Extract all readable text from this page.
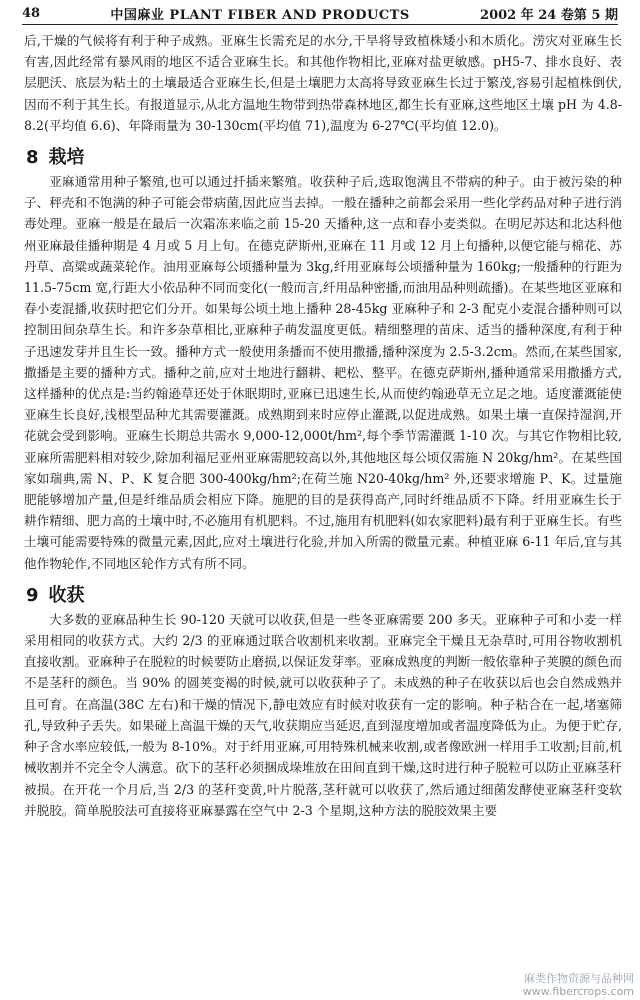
48	中国麻业 PLANT FIBER AND PRODUCTS	2002 年 24 卷第 5 期

后,干燥的气候将有利于种子成熟。亚麻生长需充足的水分,干旱将导致植株矮小和木质化。涝灾对亚麻生长有害,因此经常有暴风雨的地区不适合亚麻生长。和其他作物相比,亚麻对盐更敏感。pH5-7、排水良好、表层肥沃、底层为粘土的土壤最适合亚麻生长,但是土壤肥力太高将导致亚麻生长过于繁茂,容易引起植株倒伏,因而不利于其生长。有报道显示,从北方温地生物带到热带森林地区,都生长有亚麻,这些地区土壤 pH 为 4.8-8.2(平均值 6.6)、年降雨量为 30-130cm(平均值 71),温度为 6-27℃(平均值 12.0)。

8 栽培

亚麻通常用种子繁殖,也可以通过扦插来繁殖。收获种子后,选取饱满且不带病的种子。由于被污染的种子、秤壳和不饱满的种子可能会带病菌,因此应当去掉。一般在播种之前都会采用一些化学药品对种子进行消毒处理。亚麻一般是在最后一次霜冻来临之前 15-20 天播种,这一点和春小麦类似。在明尼苏达和北达科他州亚麻最佳播种期是 4 月或 5 月上旬。在德克萨斯州,亚麻在 11 月或 12 月上旬播种,以便它能与棉花、苏丹草、高粱或蔬菜轮作。油用亚麻每公顷播种量为 3kg,纤用亚麻每公顷播种量为 160kg;一般播种的行距为 11.5-75cm 宽,行距大小依品种不同而变化(一般而言,纤用品种密播,而油用品种则疏播)。在某些地区亚麻和春小麦混播,收获时把它们分开。如果每公顷土地上播种 28-45kg 亚麻种子和 2-3 配克小麦混合播种则可以控制田间杂草生长。和许多杂草相比,亚麻种子萌发温度更低。精细整理的苗床、适当的播种深度,有利于种子迅速发芽并且生长一致。播种方式一般使用条播而不使用撒播,播种深度为 2.5-3.2cm。然而,在某些国家,撒播是主要的播种方式。播种之前,应对土地进行翻耕、耙松、整平。在德克萨斯州,播种通常采用撒播方式,这样播种的优点是:当约翰逊草还处于休眠期时,亚麻已迅速生长,从而使约翰逊草无立足之地。适度灌溉能使亚麻生长良好,浅根型品种尤其需要灌溉。成熟期到来时应停止灌溉,以促进成熟。如果土壤一直保持湿润,开花就会受到影响。亚麻生长期总共需水 9,000-12,000t/hm²,每个季节需灌溉 1-10 次。与其它作物相比较,亚麻所需肥料相对较少,除加利福尼亚州亚麻需肥较高以外,其他地区每公顷仅需施 N 20kg/hm²。在某些国家如瑞典,需 N、P、K 复合肥 300-400kg/hm²;在荷兰施 N20-40kg/hm² 外,还要求增施 P、K。过量施肥能够增加产量,但是纤维品质会相应下降。施肥的目的是获得高产,同时纤维品质不下降。纤用亚麻生长于耕作精细、肥力高的土壤中时,不必施用有机肥料。不过,施用有机肥料(如农家肥料)最有利于亚麻生长。有些土壤可能需要特殊的微量元素,因此,应对土壤进行化验,并加入所需的微量元素。种植亚麻 6-11 年后,宜与其他作物轮作,不同地区轮作方式有所不同。

9 收获

大多数的亚麻品种生长 90-120 天就可以收获,但是一些冬亚麻需要 200 多天。亚麻种子可和小麦一样采用相同的收获方式。大约 2/3 的亚麻通过联合收割机来收割。亚麻完全干燥且无杂草时,可用谷物收割机直接收割。亚麻种子在脱粒的时候要防止磨损,以保证发芽率。亚麻成熟度的判断一般依靠种子荚膜的颜色而不是茎秆的颜色。当 90% 的圆荚变褐的时候,就可以收获种子了。未成熟的种子在收获以后也会自然成熟并且可育。在高温(38C 左右)和干燥的情况下,静电效应有时候对收获有一定的影响。种子粘合在一起,堵塞筛孔,导致种子丢失。如果碰上高温干燥的天气,收获期应当延迟,直到湿度增加或者温度降低为止。为便于贮存,种子含水率应较低,一般为 8-10%。对于纤用亚麻,可用特殊机械来收割,或者像欧洲一样用手工收割;目前,机械收割并不完全令人满意。砍下的茎秆必须捆成垛堆放在田间直到干燥,这时进行种子脱粒可以防止亚麻茎秆被损。在开花一个月后,当 2/3 的茎秆变黄,叶片脱落,茎秆就可以收获了,然后通过细菌发酵使亚麻茎秆变软并脱胶。简单脱胶法可直接将亚麻暴露在空气中 2-3 个星期,这种方法的脱胶效果主要

麻类作物资源与品种网
www.fibercrops.com
